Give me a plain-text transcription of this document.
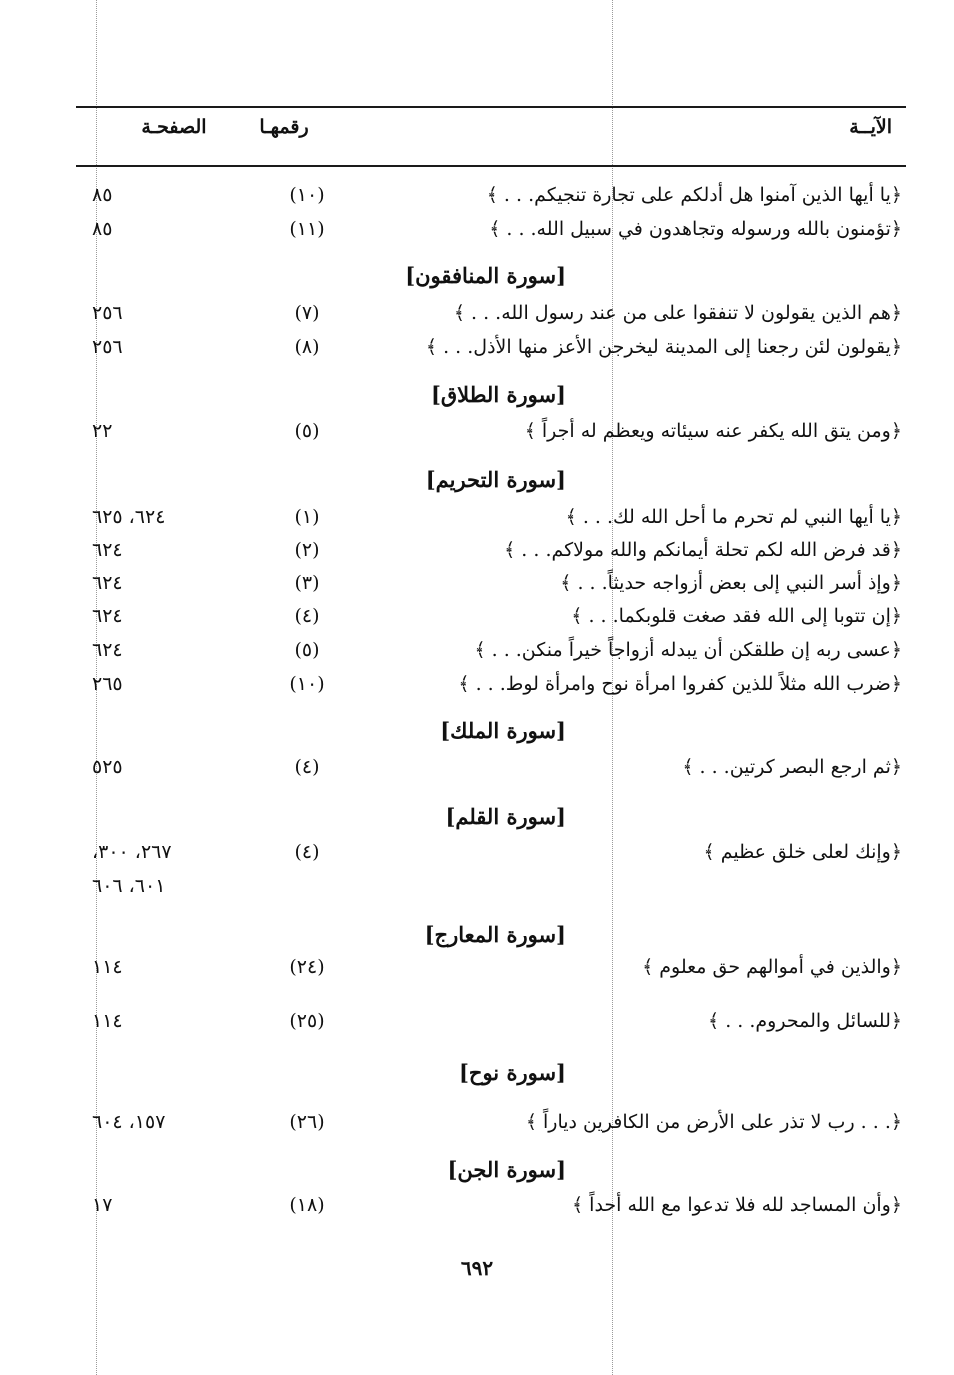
الآيــة
رقمهـا
الصفحـة
﴿يا أيها الذين آمنوا هل أدلكم على تجارة تنجيكم. . . ﴾
(١٠)
٨٥
﴿تؤمنون بالله ورسوله وتجاهدون في سبيل الله. . . ﴾
(١١)
٨٥
[سورة المنافقون]
﴿هم الذين يقولون لا تنفقوا على من عند رسول الله. . . ﴾
(٧)
٢٥٦
﴿يقولون لئن رجعنا إلى المدينة ليخرجن الأعز منها الأذل. . . ﴾
(٨)
٢٥٦
[سورة الطلاق]
﴿ومن يتق الله يكفر عنه سيئاته ويعظم له أجراً ﴾
(٥)
٢٢
[سورة التحريم]
﴿يا أيها النبي لم تحرم ما أحل الله لك. . . ﴾
(١)
٦٢٤، ٦٢٥
﴿قد فرض الله لكم تحلة أيمانكم والله مولاكم. . . ﴾
(٢)
٦٢٤
﴿وإذ أسر النبي إلى بعض أزواجه حديثاً. . . ﴾
(٣)
٦٢٤
﴿إن تتوبا إلى الله فقد صغت قلوبكما. . . ﴾
(٤)
٦٢٤
﴿عسى ربه إن طلقكن أن يبدله أزواجاً خيراً منكن. . . ﴾
(٥)
٦٢٤
﴿ضرب الله مثلاً للذين كفروا امرأة نوح وامرأة لوط. . . ﴾
(١٠)
٢٦٥
[سورة الملك]
﴿ثم ارجع البصر كرتين. . . ﴾
(٤)
٥٢٥
[سورة القلم]
﴿وإنك لعلى خلق عظيم ﴾
(٤)
٢٦٧، ٣٠٠،
٦٠١، ٦٠٦
[سورة المعارج]
﴿والذين في أموالهم حق معلوم ﴾
(٢٤)
١١٤
﴿للسائل والمحروم. . . ﴾
(٢٥)
١١٤
[سورة نوح]
﴿. . . رب لا تذر على الأرض من الكافرين دياراً ﴾
(٢٦)
١٥٧، ٦٠٤
[سورة الجن]
﴿وأن المساجد لله فلا تدعوا مع الله أحداً ﴾
(١٨)
١٧
٦٩٢
